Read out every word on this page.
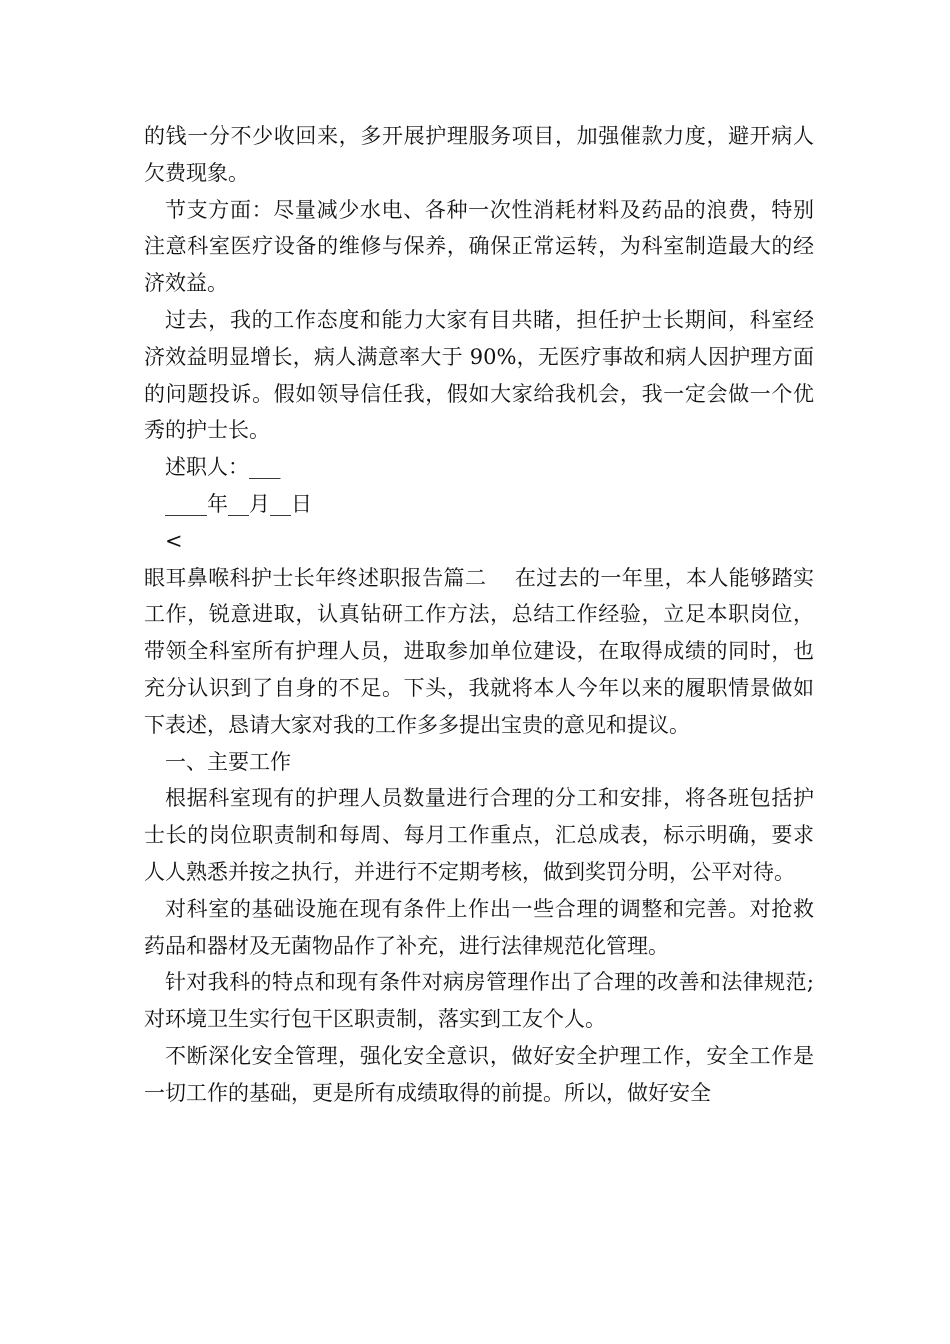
的钱一分不少收回来，多开展护理服务项目，加强催款力度，避开病人欠费现象。

节支方面：尽量减少水电、各种一次性消耗材料及药品的浪费，特别注意科室医疗设备的维修与保养，确保正常运转，为科室制造最大的经济效益。

过去，我的工作态度和能力大家有目共睹，担任护士长期间，科室经济效益明显增长，病人满意率大于 90%，无医疗事故和病人因护理方面的问题投诉。假如领导信任我，假如大家给我机会，我一定会做一个优秀的护士长。

述职人：___

____年__月__日

<

眼耳鼻喉科护士长年终述职报告篇二　 在过去的一年里，本人能够踏实工作，锐意进取，认真钻研工作方法，总结工作经验，立足本职岗位，带领全科室所有护理人员，进取参加单位建设，在取得成绩的同时，也充分认识到了自身的不足。下头，我就将本人今年以来的履职情景做如下表述，恳请大家对我的工作多多提出宝贵的意见和提议。

一、主要工作

根据科室现有的护理人员数量进行合理的分工和安排，将各班包括护士长的岗位职责制和每周、每月工作重点，汇总成表，标示明确，要求人人熟悉并按之执行，并进行不定期考核，做到奖罚分明，公平对待。

对科室的基础设施在现有条件上作出一些合理的调整和完善。对抢救药品和器材及无菌物品作了补充，进行法律规范化管理。

针对我科的特点和现有条件对病房管理作出了合理的改善和法律规范;对环境卫生实行包干区职责制，落实到工友个人。

不断深化安全管理，强化安全意识，做好安全护理工作，安全工作是一切工作的基础，更是所有成绩取得的前提。所以，做好安全
